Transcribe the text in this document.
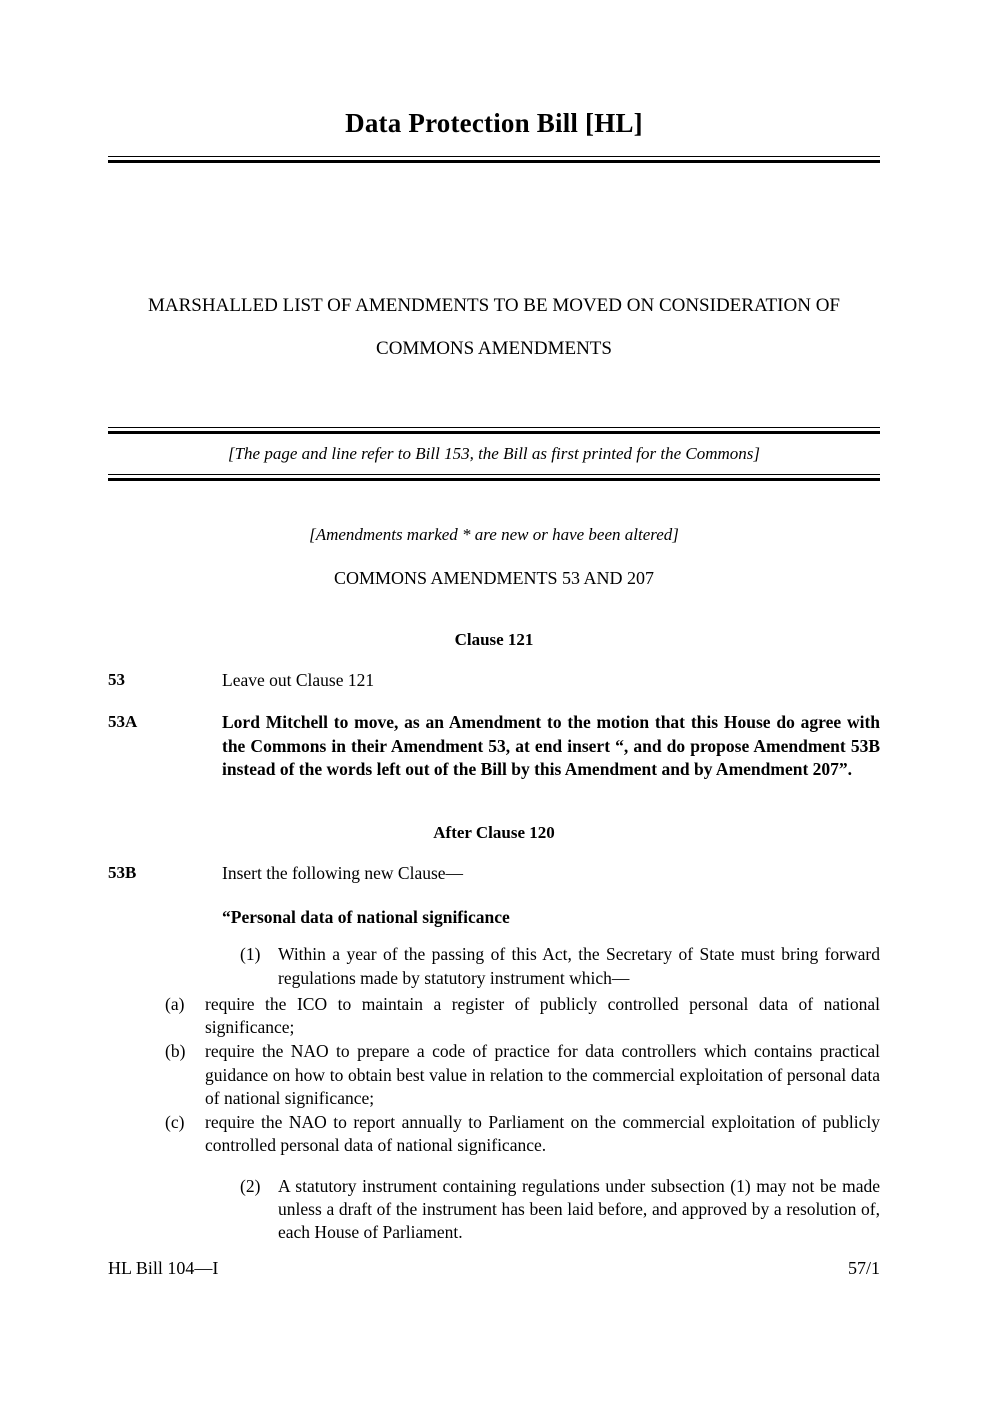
Data Protection Bill [HL]
MARSHALLED LIST OF AMENDMENTS TO BE MOVED ON CONSIDERATION OF
COMMONS AMENDMENTS
[The page and line refer to Bill 153, the Bill as first printed for the Commons]
[Amendments marked * are new or have been altered]
COMMONS AMENDMENTS 53 AND 207
Clause 121
53	Leave out Clause 121
53A	Lord Mitchell to move, as an Amendment to the motion that this House do agree with the Commons in their Amendment 53, at end insert “, and do propose Amendment 53B instead of the words left out of the Bill by this Amendment and by Amendment 207”.
After Clause 120
53B	Insert the following new Clause—
“Personal data of national significance
(1) Within a year of the passing of this Act, the Secretary of State must bring forward regulations made by statutory instrument which—
(a) require the ICO to maintain a register of publicly controlled personal data of national significance;
(b) require the NAO to prepare a code of practice for data controllers which contains practical guidance on how to obtain best value in relation to the commercial exploitation of personal data of national significance;
(c) require the NAO to report annually to Parliament on the commercial exploitation of publicly controlled personal data of national significance.
(2) A statutory instrument containing regulations under subsection (1) may not be made unless a draft of the instrument has been laid before, and approved by a resolution of, each House of Parliament.
HL Bill 104—I	57/1
